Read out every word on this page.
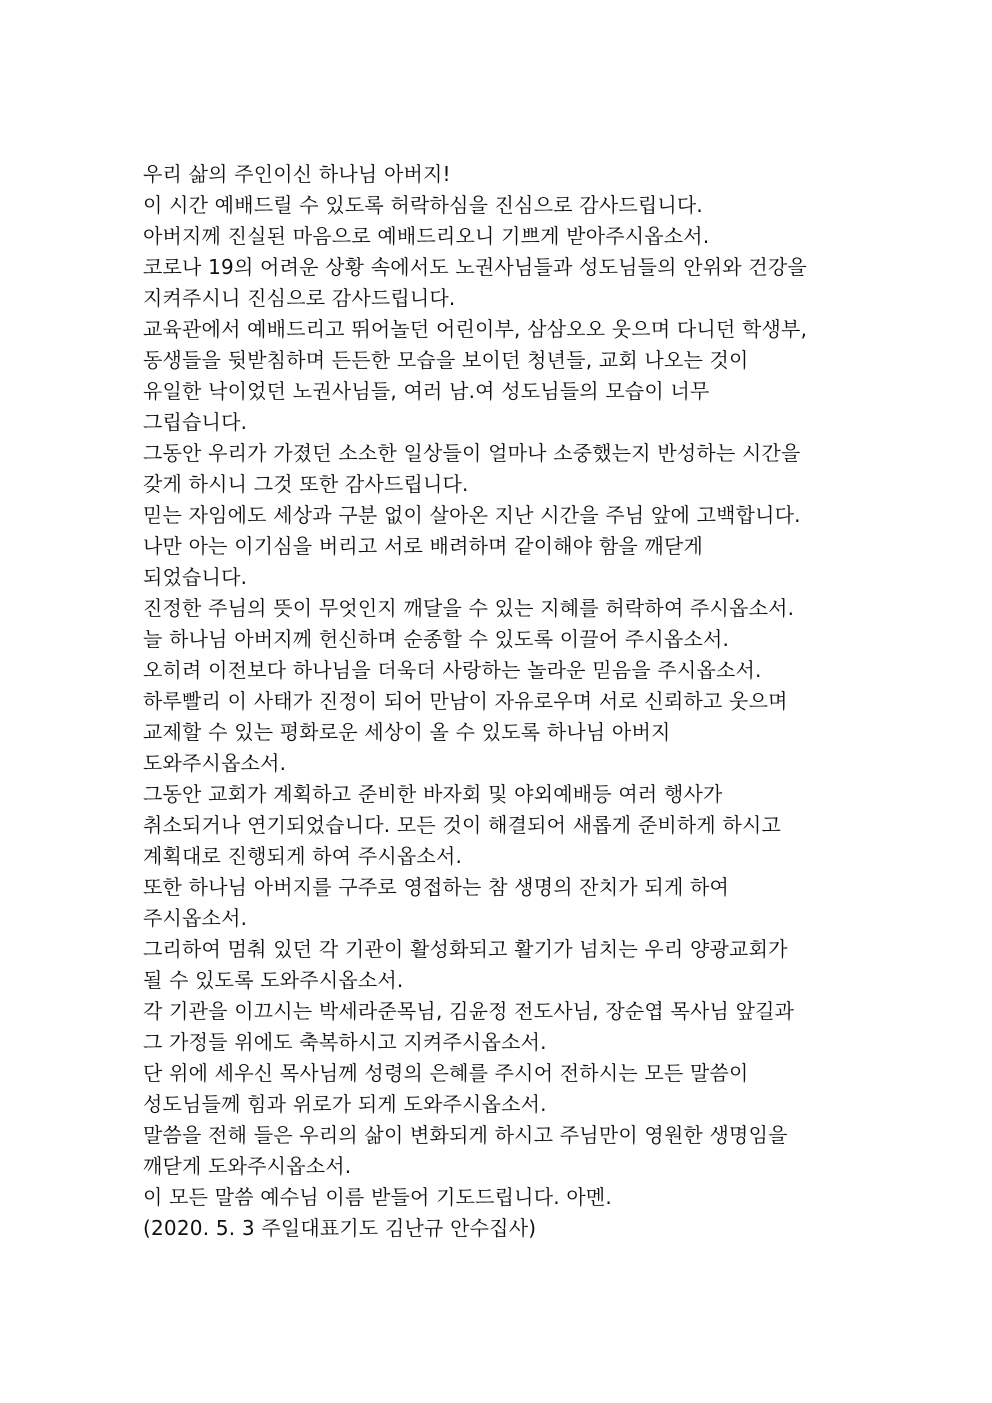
우리 삶의 주인이신 하나님 아버지!
이 시간 예배드릴 수 있도록 허락하심을 진심으로 감사드립니다.
아버지께 진실된 마음으로 예배드리오니 기쁘게 받아주시옵소서.
코로나 19의 어려운 상황 속에서도 노권사님들과 성도님들의 안위와 건강을
지켜주시니 진심으로 감사드립니다.
교육관에서 예배드리고 뛰어놀던 어린이부, 삼삼오오 웃으며 다니던 학생부,
동생들을 뒷받침하며 든든한 모습을 보이던 청년들, 교회 나오는 것이
유일한 낙이었던 노권사님들, 여러 남.여 성도님들의 모습이 너무
그립습니다.
그동안 우리가 가졌던 소소한 일상들이 얼마나 소중했는지 반성하는 시간을
갖게 하시니 그것 또한 감사드립니다.
믿는 자임에도 세상과 구분 없이 살아온 지난 시간을 주님 앞에 고백합니다.
나만 아는 이기심을 버리고 서로 배려하며 같이해야 함을 깨닫게
되었습니다.
진정한 주님의 뜻이 무엇인지 깨달을 수 있는 지혜를 허락하여 주시옵소서.
늘 하나님 아버지께 헌신하며 순종할 수 있도록 이끌어 주시옵소서.
오히려 이전보다 하나님을 더욱더 사랑하는 놀라운 믿음을 주시옵소서.
하루빨리 이 사태가 진정이 되어 만남이 자유로우며 서로 신뢰하고 웃으며
교제할 수 있는 평화로운 세상이 올 수 있도록 하나님 아버지
도와주시옵소서.
그동안 교회가 계획하고 준비한 바자회 및 야외예배등 여러 행사가
취소되거나 연기되었습니다. 모든 것이 해결되어 새롭게 준비하게 하시고
계획대로 진행되게 하여 주시옵소서.
또한 하나님 아버지를 구주로 영접하는 참 생명의 잔치가 되게 하여
주시옵소서.
그리하여 멈춰 있던 각 기관이 활성화되고 활기가 넘치는 우리 양광교회가
될 수 있도록 도와주시옵소서.
각 기관을 이끄시는 박세라준목님, 김윤정 전도사님, 장순엽 목사님 앞길과
그 가정들 위에도 축복하시고 지켜주시옵소서.
단 위에 세우신 목사님께 성령의 은혜를 주시어 전하시는 모든 말씀이
성도님들께 힘과 위로가 되게 도와주시옵소서.
말씀을 전해 들은 우리의 삶이 변화되게 하시고 주님만이 영원한 생명임을
깨닫게 도와주시옵소서.
이 모든 말씀 예수님 이름 받들어 기도드립니다. 아멘.
(2020. 5. 3 주일대표기도 김난규 안수집사)
